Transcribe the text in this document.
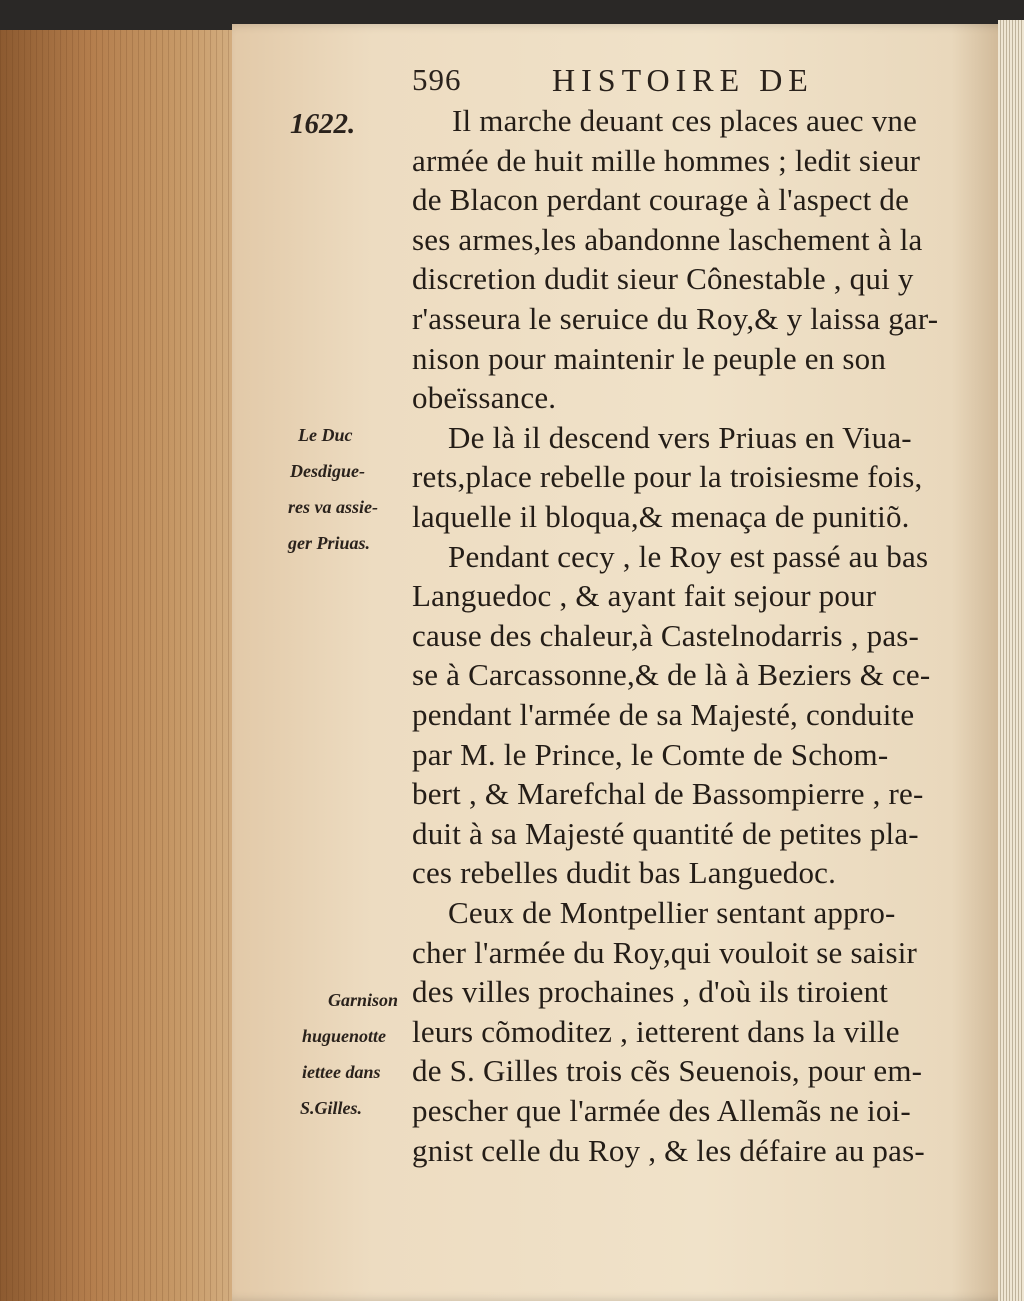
596	HISTOIRE DE
1622.	Il marche deuant ces places auec vne
armée de huit mille hommes ; ledit sieur
de Blacon perdant courage à l'aspect de
ses armes,les abandonne laschement à la
discretion dudit sieur Cônestable , qui y
r'asseura le seruice du Roy,& y laissa gar-
nison pour maintenir le peuple en son
obeïssance.
De là il descend vers Priuas en Viua-
rets,place rebelle pour la troisiesme fois,
laquelle il bloqua,& menaça de punitiõ.
Pendant cecy , le Roy est passé au bas
Languedoc , & ayant fait sejour pour
cause des chaleur,à Castelnodarris , pas-
se à Carcassonne,& de là à Beziers & ce-
pendant l'armée de sa Majesté, conduite
par M. le Prince, le Comte de Schom-
bert , & Marefchal de Bassompierre , re-
duit à sa Majesté quantité de petites pla-
ces rebelles dudit bas Languedoc.
Ceux de Montpellier sentant appro-
cher l'armée du Roy,qui vouloit se saisir
des villes prochaines , d'où ils tiroient
leurs cõmoditez , ietterent dans la ville
de S. Gilles trois cẽs Seuenois, pour em-
Le Duc
Desdigue-
res va assie-
ger Priuas.
Garnison
huguenotte
iettee dans
S.Gilles. pescher que l'armée des Allemãs ne ioi-
gnist celle du Roy , & les défaire au pas-
